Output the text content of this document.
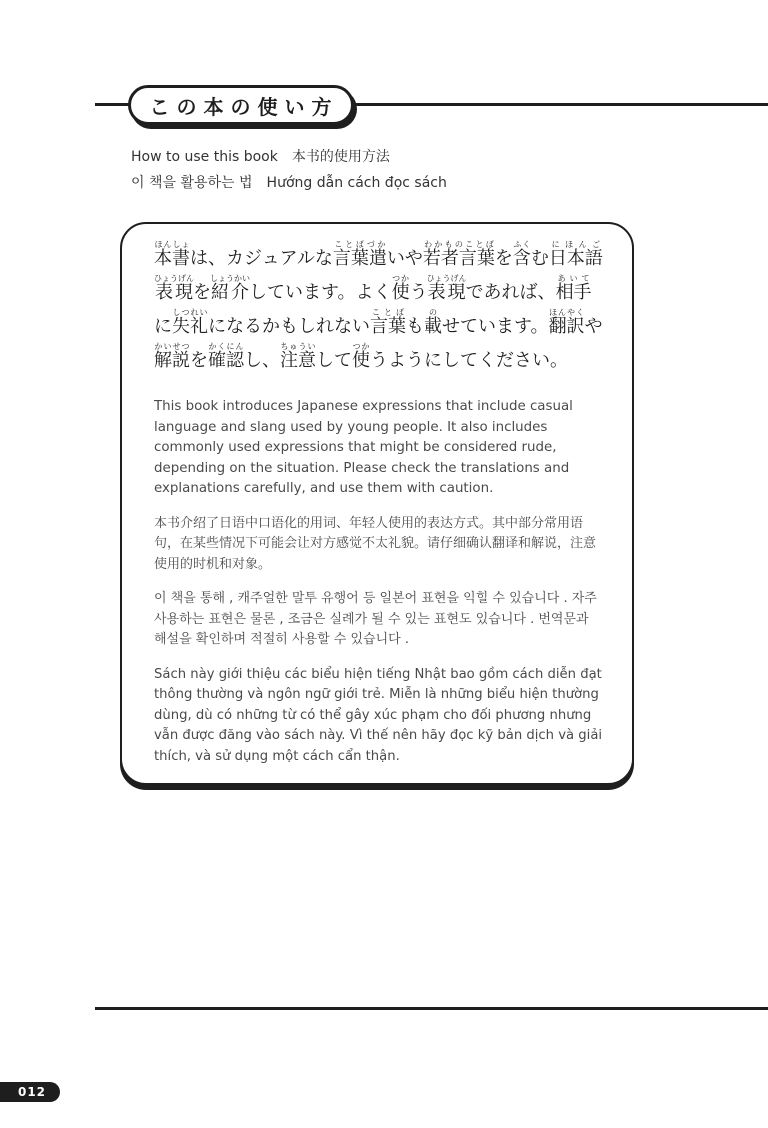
この本の使い方
How to use this book 本书的使用方法
이 책을 활용하는 법 Hướng dẫn cách đọc sách

本書ほんしょは、カジュアルな言葉遣ことばづかいや若者言葉わかものことばを含ふくむ日本語にほんご表現ひょうげんを紹介しょうかいしています。よく使つかう表現ひょうげんであれば、相手あいてに失礼しつれいになるかもしれない言葉ことばも載のせています。翻訳ほんやくや解説かいせつを確認かくにんし、注意ちゅういして使つかうようにしてください。

This book introduces Japanese expressions that include casual language and slang used by young people. It also includes commonly used expressions that might be considered rude, depending on the situation. Please check the translations and explanations carefully, and use them with caution.

本书介绍了日语中口语化的用词、年轻人使用的表达方式。其中部分常用语句，在某些情况下可能会让对方感觉不太礼貌。请仔细确认翻译和解说，注意使用的时机和对象。

이 책을 통해 , 캐주얼한 말투 유행어 등 일본어 표현을 익힐 수 있습니다 . 자주 사용하는 표현은 물론 , 조금은 실례가 될 수 있는 표현도 있습니다 . 번역문과 해설을 확인하며 적절히 사용할 수 있습니다 .

Sách này giới thiệu các biểu hiện tiếng Nhật bao gồm cách diễn đạt thông thường và ngôn ngữ giới trẻ. Miễn là những biểu hiện thường dùng, dù có những từ có thể gây xúc phạm cho đối phương nhưng vẫn được đăng vào sách này. Vì thế nên hãy đọc kỹ bản dịch và giải thích, và sử dụng một cách cẩn thận.

012
